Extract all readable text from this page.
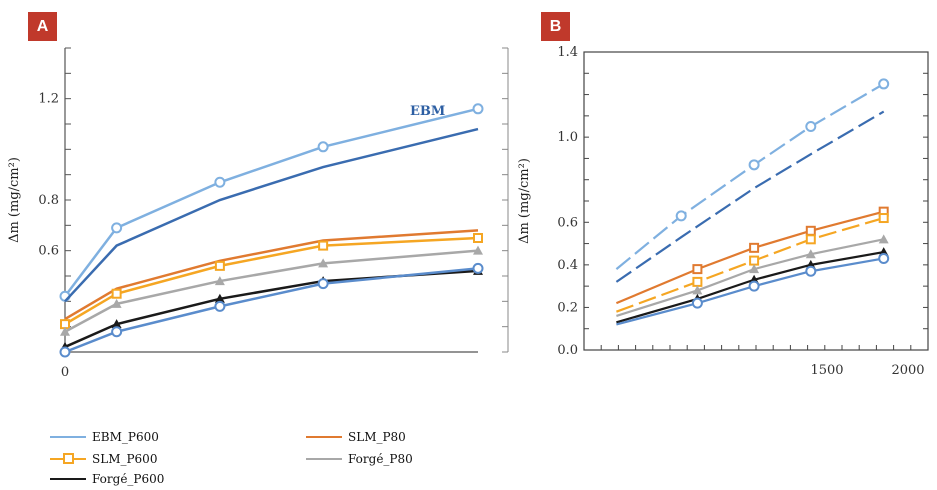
A	B
1.2
0.8
0.6
0
Δm (mg/cm²)
EBM
0.0
0.2
0.4
0.6
1.0
1.4
1500	2000
Δm (mg/cm²)
EBM_P600
SLM_P600
Forgé_P600
SLM_P80
Forgé_P80
